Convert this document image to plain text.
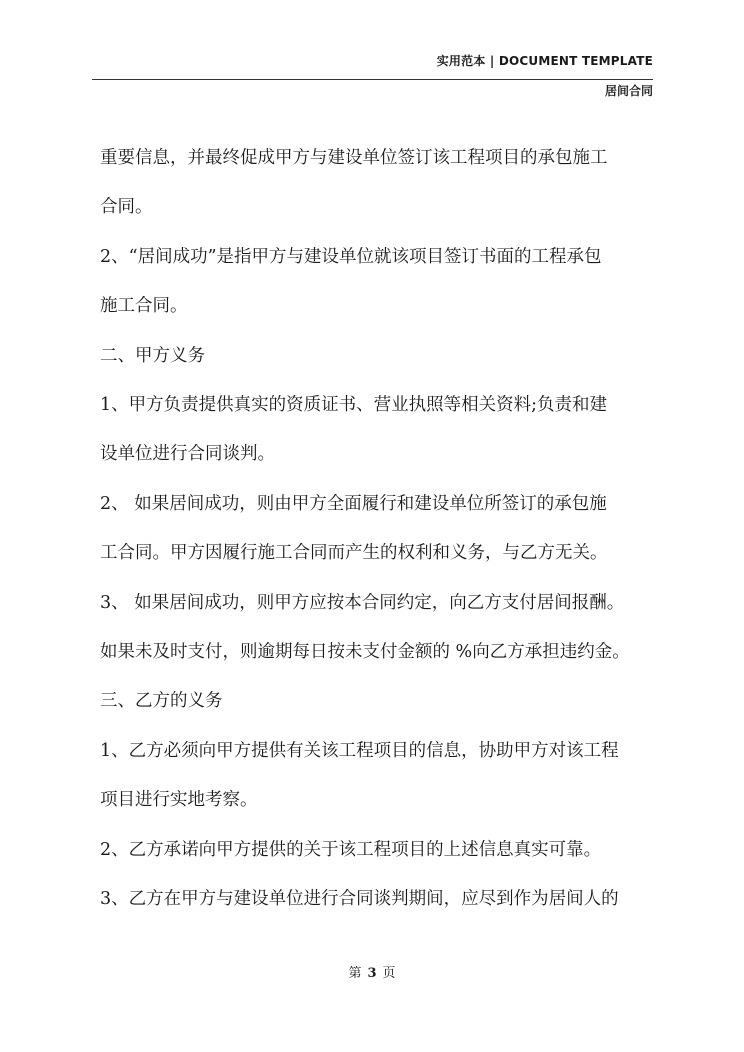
实用范本 | DOCUMENT TEMPLATE
居间合同

重要信息，并最终促成甲方与建设单位签订该工程项目的承包施工

合同。

2、“居间成功”是指甲方与建设单位就该项目签订书面的工程承包

施工合同。

二、甲方义务

1、甲方负责提供真实的资质证书、营业执照等相关资料;负责和建

设单位进行合同谈判。

2、 如果居间成功，则由甲方全面履行和建设单位所签订的承包施

工合同。甲方因履行施工合同而产生的权利和义务，与乙方无关。

3、 如果居间成功，则甲方应按本合同约定，向乙方支付居间报酬。

如果未及时支付，则逾期每日按未支付金额的 %向乙方承担违约金。

三、乙方的义务

1、乙方必须向甲方提供有关该工程项目的信息，协助甲方对该工程

项目进行实地考察。

2、乙方承诺向甲方提供的关于该工程项目的上述信息真实可靠。

3、乙方在甲方与建设单位进行合同谈判期间，应尽到作为居间人的

第 3 页
